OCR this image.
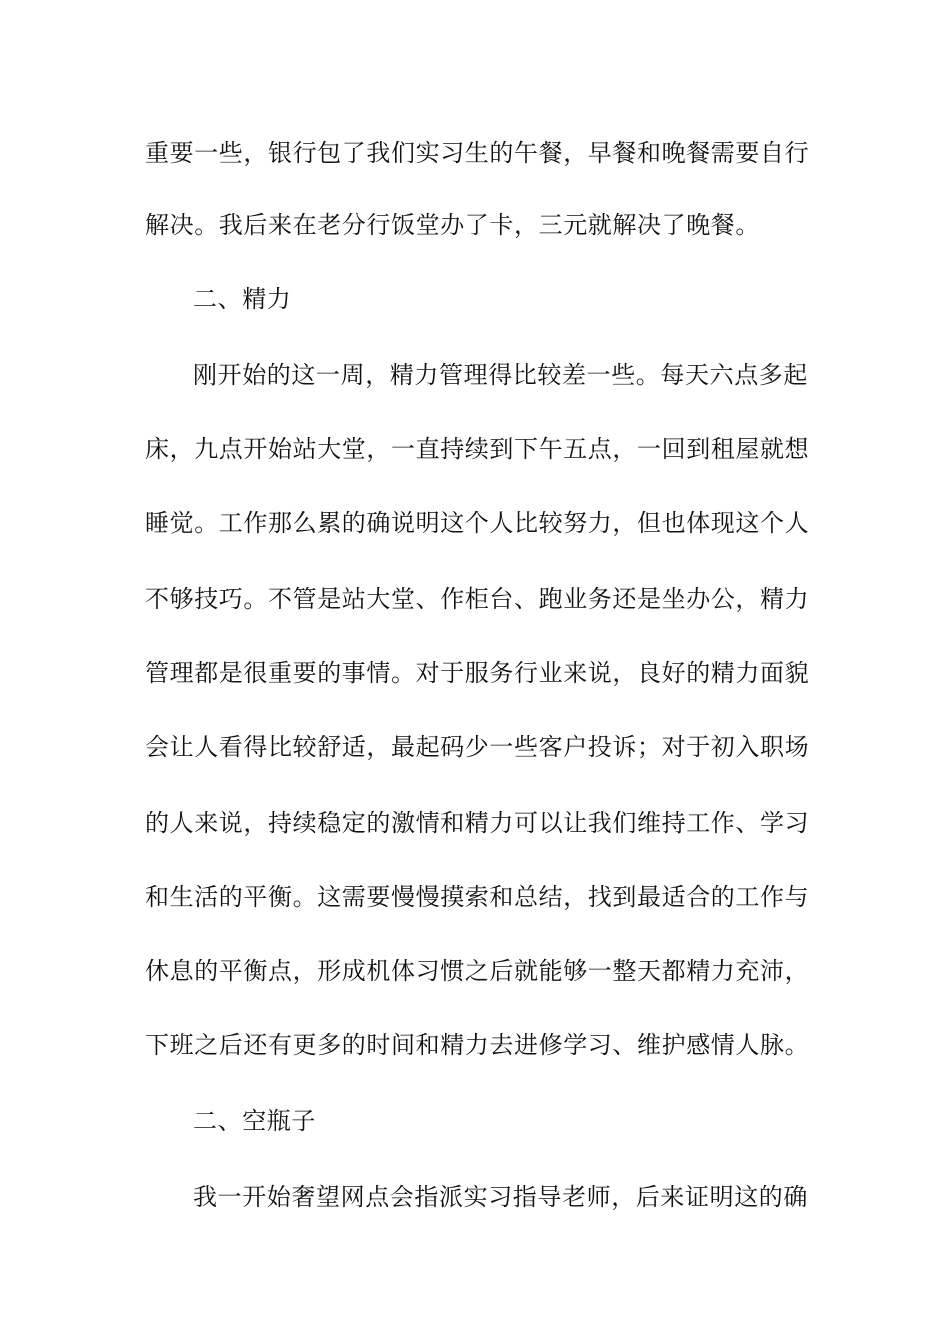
重要一些，银行包了我们实习生的午餐，早餐和晚餐需要自行
解决。我后来在老分行饭堂办了卡，三元就解决了晚餐。
二、精力
刚开始的这一周，精力管理得比较差一些。每天六点多起
床，九点开始站大堂，一直持续到下午五点，一回到租屋就想
睡觉。工作那么累的确说明这个人比较努力，但也体现这个人
不够技巧。不管是站大堂、作柜台、跑业务还是坐办公，精力
管理都是很重要的事情。对于服务行业来说，良好的精力面貌
会让人看得比较舒适，最起码少一些客户投诉；对于初入职场
的人来说，持续稳定的激情和精力可以让我们维持工作、学习
和生活的平衡。这需要慢慢摸索和总结，找到最适合的工作与
休息的平衡点，形成机体习惯之后就能够一整天都精力充沛，
下班之后还有更多的时间和精力去进修学习、维护感情人脉。
二、空瓶子
我一开始奢望网点会指派实习指导老师，后来证明这的确
